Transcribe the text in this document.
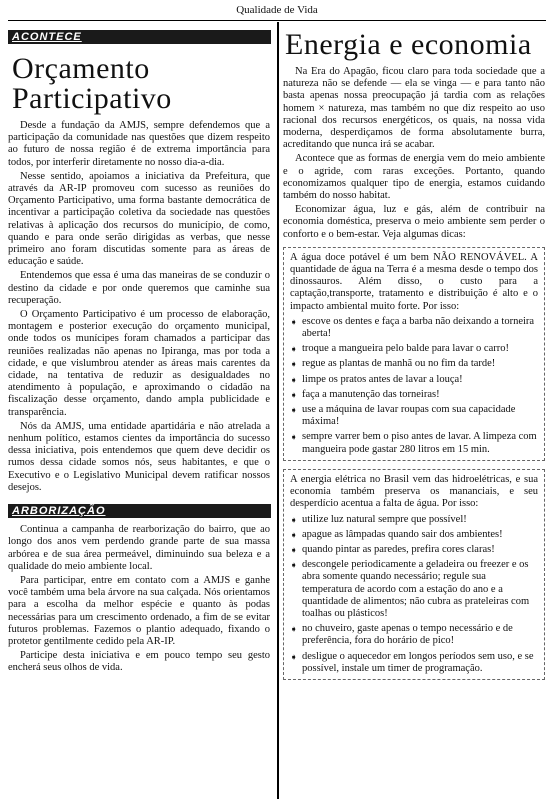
Qualidade de Vida
ACONTECE
Orçamento Participativo

Desde a fundação da AMJS, sempre defendemos que a participação da comunidade nas questões que dizem respeito ao futuro de nossa região é de extrema importância para todos, por interferir diretamente no nosso dia-a-dia.

Nesse sentido, apoiamos a iniciativa da Prefeitura, que através da AR-IP promoveu com sucesso as reuniões do Orçamento Participativo, uma forma bastante democrática de incentivar a participação coletiva da sociedade nas questões relativas à aplicação dos recursos do município, de como, quando e para onde serão dirigidas as verbas, que nesse primeiro ano foram discutidas somente para as áreas de educação e saúde.

Entendemos que essa é uma das maneiras de se conduzir o destino da cidade e por onde queremos que caminhe sua recuperação.

O Orçamento Participativo é um processo de elaboração, montagem e posterior execução do orçamento municipal, onde todos os munícipes foram chamados a participar das reuniões realizadas não apenas no Ipiranga, mas por toda a cidade, e que vislumbrou atender as áreas mais carentes da cidade, na tentativa de reduzir as desigualdades no atendimento à população, e aproximando o cidadão na fiscalização desse orçamento, dando ampla publicidade e transparência.

Nós da AMJS, uma entidade apartidária e não atrelada a nenhum político, estamos cientes da importância do sucesso dessa iniciativa, pois entendemos que quem deve decidir os rumos dessa cidade somos nós, seus habitantes, e que o Executivo e o Legislativo Municipal devem ratificar nossos desejos.

ARBORIZAÇÃO

Continua a campanha de rearborização do bairro, que ao longo dos anos vem perdendo grande parte de sua massa arbórea e de sua área permeável, diminuindo sua beleza e a qualidade do meio ambiente local.

Para participar, entre em contato com a AMJS e ganhe você também uma bela árvore na sua calçada. Nós orientamos para a escolha da melhor espécie e quanto às podas necessárias para um crescimento ordenado, a fim de se evitar futuros problemas. Fazemos o plantio adequado, fixando o protetor gentilmente cedido pela AR-IP.

Participe desta iniciativa e em pouco tempo seu gesto encherá seus olhos de vida.

Energia e economia

Na Era do Apagão, ficou claro para toda sociedade que a natureza não se defende — ela se vinga — e para tanto não basta apenas nossa preocupação já tardia com as relações homem × natureza, mas também no que diz respeito ao uso racional dos recursos energéticos, os quais, na nossa vida moderna, desperdiçamos de forma absolutamente burra, acreditando que nunca irá se acabar.

Acontece que as formas de energia vem do meio ambiente e o agride, com raras exceções. Portanto, quando economizamos qualquer tipo de energia, estamos cuidando também do nosso habitat.

Economizar água, luz e gás, além de contribuir na economia doméstica, preserva o meio ambiente sem perder o conforto e o bem-estar. Veja algumas dicas:

A água doce potável é um bem NÃO RENOVÁVEL. A quantidade de água na Terra é a mesma desde o tempo dos dinossauros. Além disso, o custo para a captação,transporte, tratamento e distribuição é alto e o impacto ambiental muito forte. Por isso:

➧ escove os dentes e faça a barba não deixando a torneira aberta!
➧ troque a mangueira pelo balde para lavar o carro!
➧ regue as plantas de manhã ou no fim da tarde!
➧ limpe os pratos antes de lavar a louça!
➧ faça a manutenção das torneiras!
➧ use a máquina de lavar roupas com sua capacidade máxima!
➧ sempre varrer bem o piso antes de lavar. A limpeza com mangueira pode gastar 280 litros em 15 min.

A energia elétrica no Brasil vem das hidroelétricas, e sua economia também preserva os mananciais, e seu desperdício acentua a falta de água. Por isso:

➧ utilize luz natural sempre que possível!
➧ apague as lâmpadas quando sair dos ambientes!
➧ quando pintar as paredes, prefira cores claras!
➧ descongele periodicamente a geladeira ou freezer e os abra somente quando necessário; regule sua temperatura de acordo com a estação do ano e a quantidade de alimentos; não cubra as prateleiras com toalhas ou plásticos!
➧ no chuveiro, gaste apenas o tempo necessário e de preferência, fora do horário de pico!
➧ desligue o aquecedor em longos períodos sem uso, e se possível, instale um timer de programação.
